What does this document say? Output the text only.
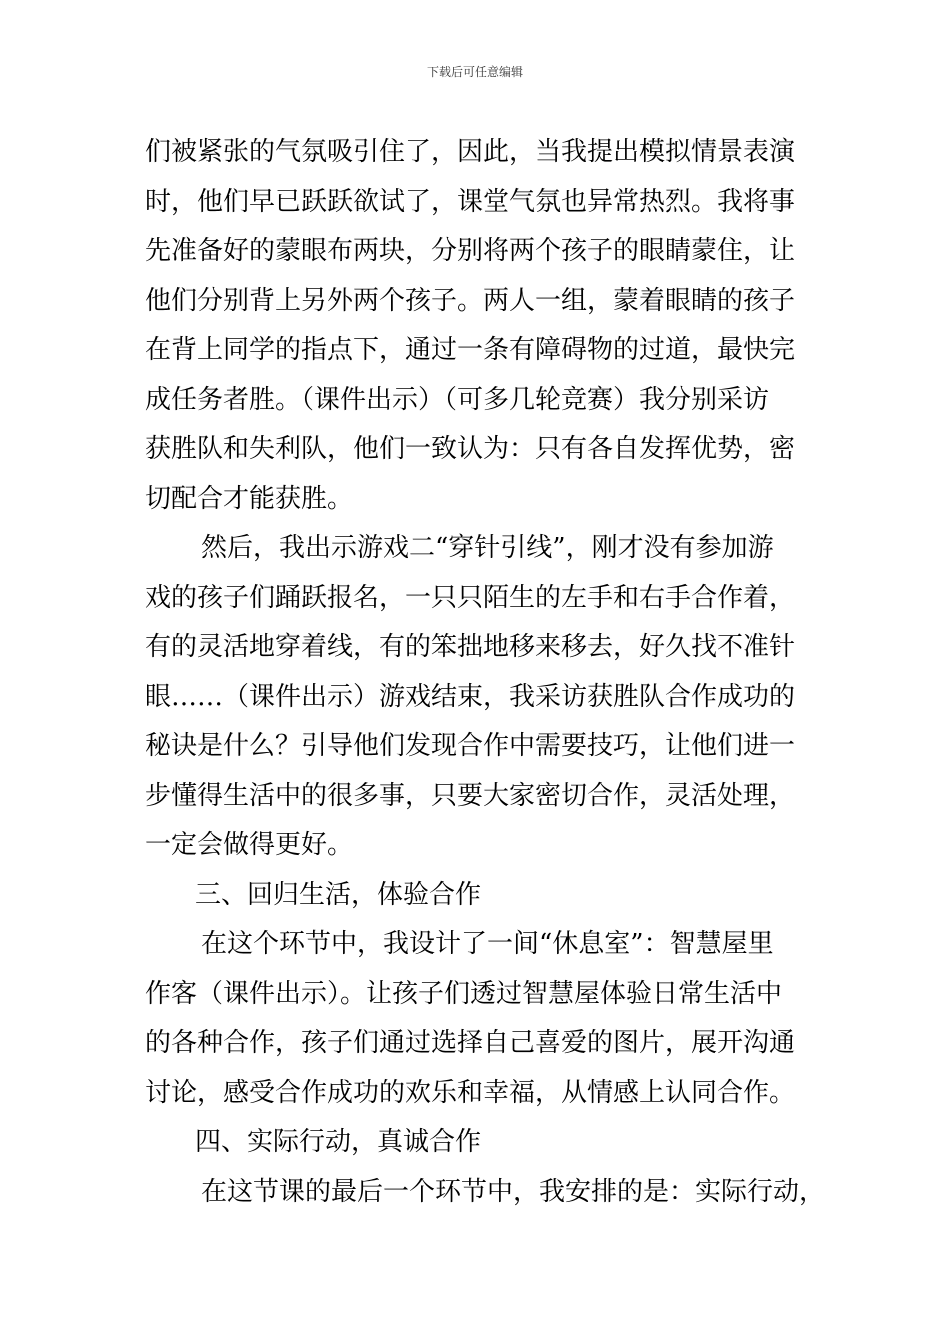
下载后可任意编辑
们被紧张的气氛吸引住了，因此，当我提出模拟情景表演
时，他们早已跃跃欲试了，课堂气氛也异常热烈。我将事
先准备好的蒙眼布两块，分别将两个孩子的眼睛蒙住，让
他们分别背上另外两个孩子。两人一组，蒙着眼睛的孩子
在背上同学的指点下，通过一条有障碍物的过道，最快完
成任务者胜。（课件出示）（可多几轮竞赛）我分别采访
获胜队和失利队，他们一致认为：只有各自发挥优势，密
切配合才能获胜。
然后，我出示游戏二“穿针引线”，刚才没有参加游
戏的孩子们踊跃报名，一只只陌生的左手和右手合作着，
有的灵活地穿着线，有的笨拙地移来移去，好久找不准针
眼……（课件出示）游戏结束，我采访获胜队合作成功的
秘诀是什么？引导他们发现合作中需要技巧，让他们进一
步懂得生活中的很多事，只要大家密切合作，灵活处理，
一定会做得更好。
三、回归生活，体验合作
在这个环节中，我设计了一间“休息室”：智慧屋里
作客（课件出示）。让孩子们透过智慧屋体验日常生活中
的各种合作，孩子们通过选择自己喜爱的图片，展开沟通
讨论，感受合作成功的欢乐和幸福，从情感上认同合作。
四、实际行动，真诚合作
在这节课的最后一个环节中，我安排的是：实际行动，
